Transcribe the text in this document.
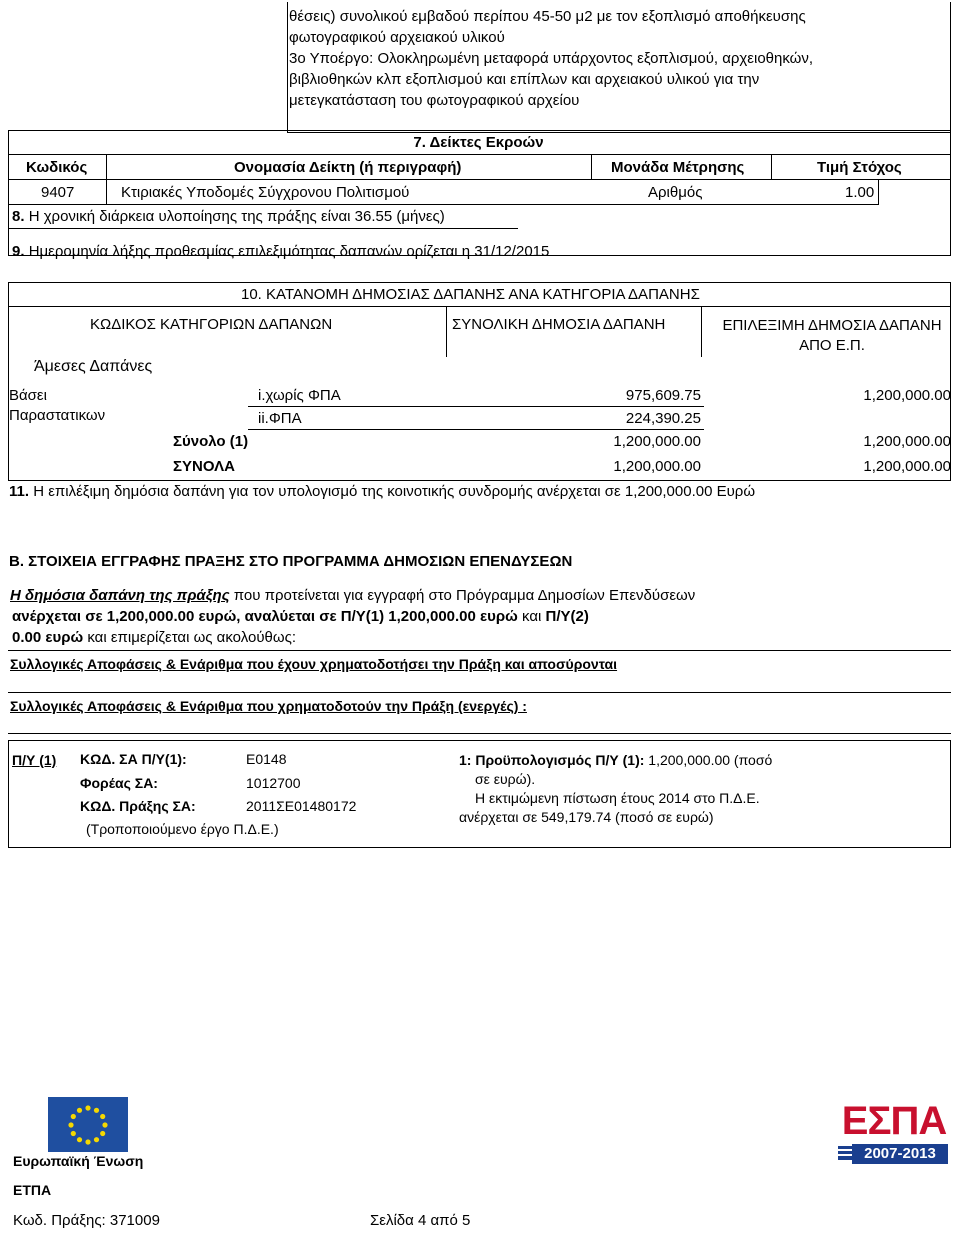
θέσεις) συνολικού εμβαδού περίπου 45-50 μ2 με τον εξοπλισμό αποθήκευσης
φωτογραφικού αρχειακού υλικού
3ο Υποέργο: Ολοκληρωμένη μεταφορά υπάρχοντος εξοπλισμού, αρχειοθηκών,
βιβλιοθηκών κλπ εξοπλισμού και επίπλων και αρχειακού υλικού για την
μετεγκατάσταση του φωτογραφικού αρχείου
7. Δείκτες Εκροών
Κωδικός	Ονομασία Δείκτη (ή περιγραφή)	Μονάδα Μέτρησης	Τιμή Στόχος
9407	Κτιριακές Υποδομές Σύγχρονου Πολιτισμού	Αριθμός	1.00
8. Η χρονική διάρκεια υλοποίησης της πράξης είναι 36.55 (μήνες)
9. Ημερομηνία λήξης προθεσμίας επιλεξιμότητας δαπανών ορίζεται η 31/12/2015
10. ΚΑΤΑΝΟΜΗ ΔΗΜΟΣΙΑΣ ΔΑΠΑΝΗΣ ΑΝΑ ΚΑΤΗΓΟΡΙΑ ΔΑΠΑΝΗΣ
ΚΩΔΙΚΟΣ ΚΑΤΗΓΟΡΙΩΝ ΔΑΠΑΝΩΝ	ΣΥΝΟΛΙΚΗ ΔΗΜΟΣΙΑ ΔΑΠΑΝΗ	ΕΠΙΛΕΞΙΜΗ ΔΗΜΟΣΙΑ ΔΑΠΑΝΗ
ΑΠΟ Ε.Π.
Άμεσες Δαπάνες
Βάσει
Παραστατικων
i.χωρίς ΦΠΑ	975,609.75	1,200,000.00
ii.ΦΠΑ	224,390.25
Σύνολο (1)	1,200,000.00	1,200,000.00
ΣΥΝΟΛΑ	1,200,000.00	1,200,000.00
11. Η επιλέξιμη δημόσια δαπάνη για τον υπολογισμό της κοινοτικής συνδρομής ανέρχεται σε 1,200,000.00 Ευρώ
Β. ΣΤΟΙΧΕΙΑ ΕΓΓΡΑΦΗΣ ΠΡΑΞΗΣ ΣΤΟ ΠΡΟΓΡΑΜΜΑ ΔΗΜΟΣΙΩΝ ΕΠΕΝΔΥΣΕΩΝ
Η δημόσια δαπάνη της πράξης που προτείνεται για εγγραφή στο Πρόγραμμα Δημοσίων Επενδύσεων
ανέρχεται σε 1,200,000.00 ευρώ, αναλύεται σε Π/Υ(1) 1,200,000.00 ευρώ και Π/Υ(2)
0.00 ευρώ και επιμερίζεται ως ακολούθως:
Συλλογικές Αποφάσεις & Ενάριθμα που έχουν χρηματοδοτήσει την Πράξη και αποσύρονται
Συλλογικές Αποφάσεις & Ενάριθμα που χρηματοδοτούν την Πράξη (ενεργές) :
Π/Υ (1) ΚΩΔ. ΣΑ Π/Υ(1):	Ε0148
Φορέας ΣΑ:	1012700
ΚΩΔ. Πράξης ΣΑ:	2011ΣΕ01480172
(Τροποποιούμενο έργο Π.Δ.Ε.)
1: Προϋπολογισμός Π/Υ (1): 1,200,000.00 (ποσό
σε ευρώ).
Η εκτιμώμενη πίστωση έτους 2014 στο Π.Δ.Ε.
ανέρχεται σε 549,179.74 (ποσό σε ευρώ)
Ευρωπαϊκή Ένωση
ΕΤΠΑ
ΕΣΠΑ
2007-2013
Κωδ. Πράξης: 371009	Σελίδα 4 από 5
